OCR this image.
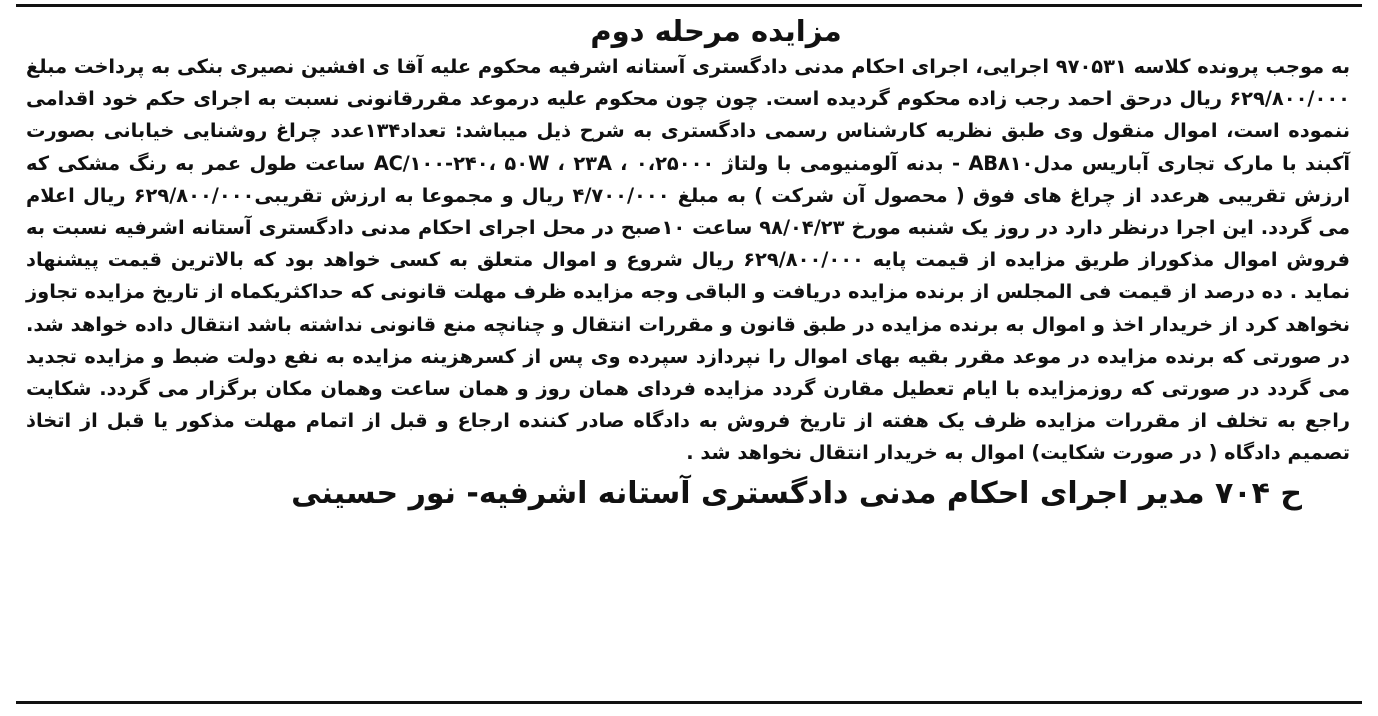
مزایده مرحله دوم
به موجب پرونده کلاسه ۹۷۰۵۳۱ اجرایی، اجرای احکام مدنی دادگستری آستانه اشرفیه محکوم علیه آقا ی افشین نصیری بنکی به پرداخت مبلغ ۶۲۹/۸۰۰/۰۰۰ ریال درحق احمد رجب زاده محکوم گردیده است. چون چون محکوم علیه درموعد مقررقانونی نسبت به اجرای حکم خود اقدامی ننموده است، اموال منقول وی طبق نظریه کارشناس رسمی دادگستری به شرح ذیل میباشد: تعداد۱۳۴عدد چراغ روشنایی خیابانی بصورت آکبند با مارک تجاری آباریس مدلAB۸۱۰ - بدنه آلومنیومی با ولتاژ AC/۱۰۰-۲۴۰، ۵۰W ، ۲۳A ، ۰،۲۵۰۰۰ ساعت طول عمر به رنگ مشکی که ارزش تقریبی هرعدد از چراغ های فوق ( محصول آن شرکت ) به مبلغ ۴/۷۰۰/۰۰۰ ریال و مجموعا به ارزش تقریبی۶۲۹/۸۰۰/۰۰۰ ریال اعلام می گردد. این اجرا درنظر دارد در روز یک شنبه مورخ ۹۸/۰۴/۲۳ ساعت ۱۰صبح در محل اجرای احکام مدنی دادگستری آستانه اشرفیه نسبت به فروش اموال مذکوراز طریق مزایده از قیمت پایه ۶۲۹/۸۰۰/۰۰۰ ریال شروع و اموال متعلق به کسی خواهد بود که بالاترین قیمت پیشنهاد نماید . ده درصد از قیمت فی المجلس از برنده مزایده دریافت و الباقی وجه مزایده ظرف مهلت قانونی که حداکثریکماه از تاریخ مزایده تجاوز نخواهد کرد از خریدار اخذ و اموال به برنده مزایده در طبق قانون و مقررات انتقال و چنانچه منع قانونی نداشته باشد انتقال داده خواهد شد. در صورتی که برنده مزایده در موعد مقرر بقیه بهای اموال را نپردازد سپرده وی پس از کسرهزینه مزایده به نفع دولت ضبط و مزایده تجدید می گردد در صورتی که روزمزایده با ایام تعطیل مقارن گردد مزایده فردای همان روز و همان ساعت وهمان مکان برگزار می گردد. شکایت راجع به تخلف از مقررات مزایده ظرف یک هفته از تاریخ فروش به دادگاه صادر کننده ارجاع و قبل از اتمام مهلت مذکور یا قبل از اتخاذ تصمیم دادگاه ( در صورت شکایت) اموال به خریدار انتقال نخواهد شد .
ح ۷۰۴ مدیر اجرای احکام مدنی دادگستری آستانه اشرفیه- نور حسینی
